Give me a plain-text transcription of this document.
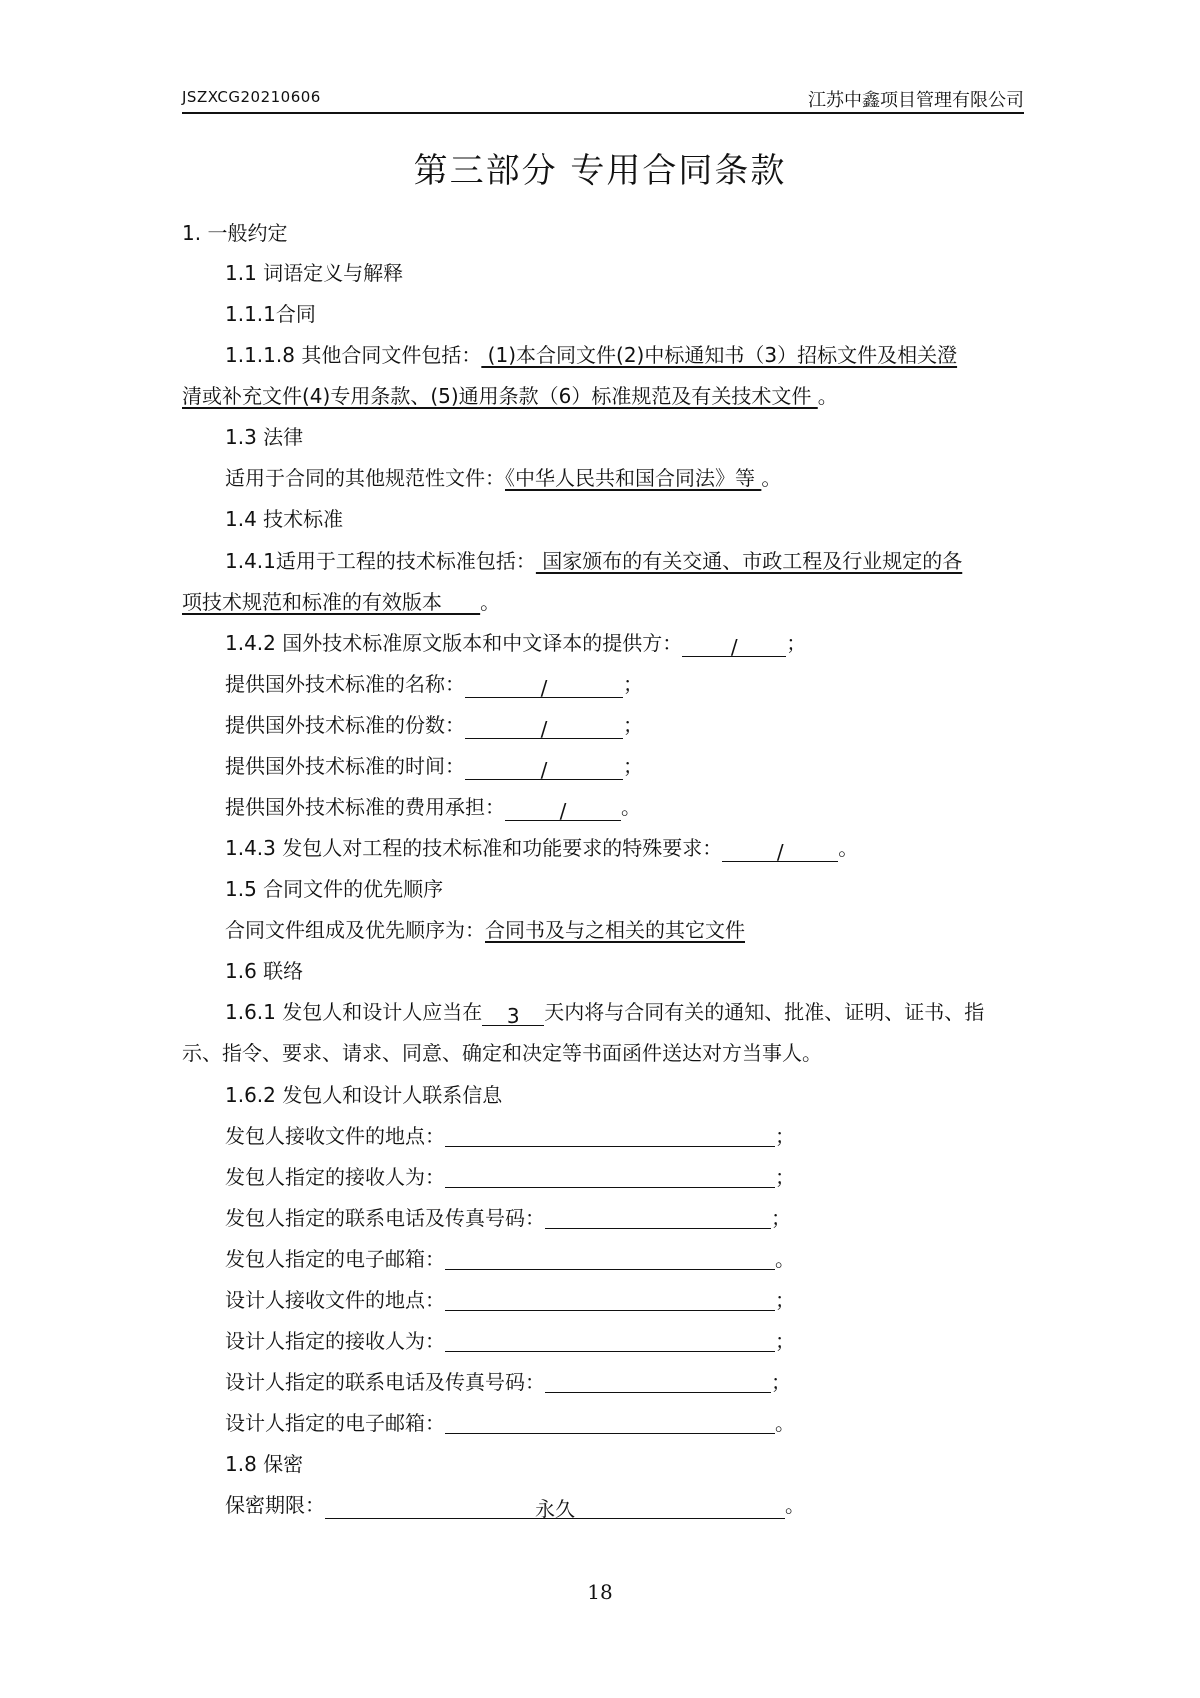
JSZXCG20210606	江苏中鑫项目管理有限公司
第三部分 专用合同条款
1. 一般约定
1.1 词语定义与解释
1.1.1合同
1.1.1.8 其他合同文件包括： (1)本合同文件(2)中标通知书（3）招标文件及相关澄
清或补充文件(4)专用条款、(5)通用条款（6）标准规范及有关技术文件 。
1.3 法律
适用于合同的其他规范性文件：《中华人民共和国合同法》等 。
1.4 技术标准
1.4.1适用于工程的技术标准包括： 国家颁布的有关交通、市政工程及行业规定的各
项技术规范和标准的有效版本      。
1.4.2 国外技术标准原文版本和中文译本的提供方： / ；
提供国外技术标准的名称：	/	；
提供国外技术标准的份数：	/	；
提供国外技术标准的时间：	/	；
提供国外技术标准的费用承担：	/	。
1.4.3 发包人对工程的技术标准和功能要求的特殊要求：	/	。
1.5 合同文件的优先顺序
合同文件组成及优先顺序为：合同书及与之相关的其它文件
1.6 联络
1.6.1 发包人和设计人应当在 3 天内将与合同有关的通知、批准、证明、证书、指
示、指令、要求、请求、同意、确定和决定等书面函件送达对方当事人。
1.6.2 发包人和设计人联系信息
发包人接收文件的地点：	；
发包人指定的接收人为：	；
发包人指定的联系电话及传真号码：	；
发包人指定的电子邮箱：	。
设计人接收文件的地点：	；
设计人指定的接收人为：	；
设计人指定的联系电话及传真号码：	；
设计人指定的电子邮箱：	。
1.8 保密
保密期限：	永久	。
18
